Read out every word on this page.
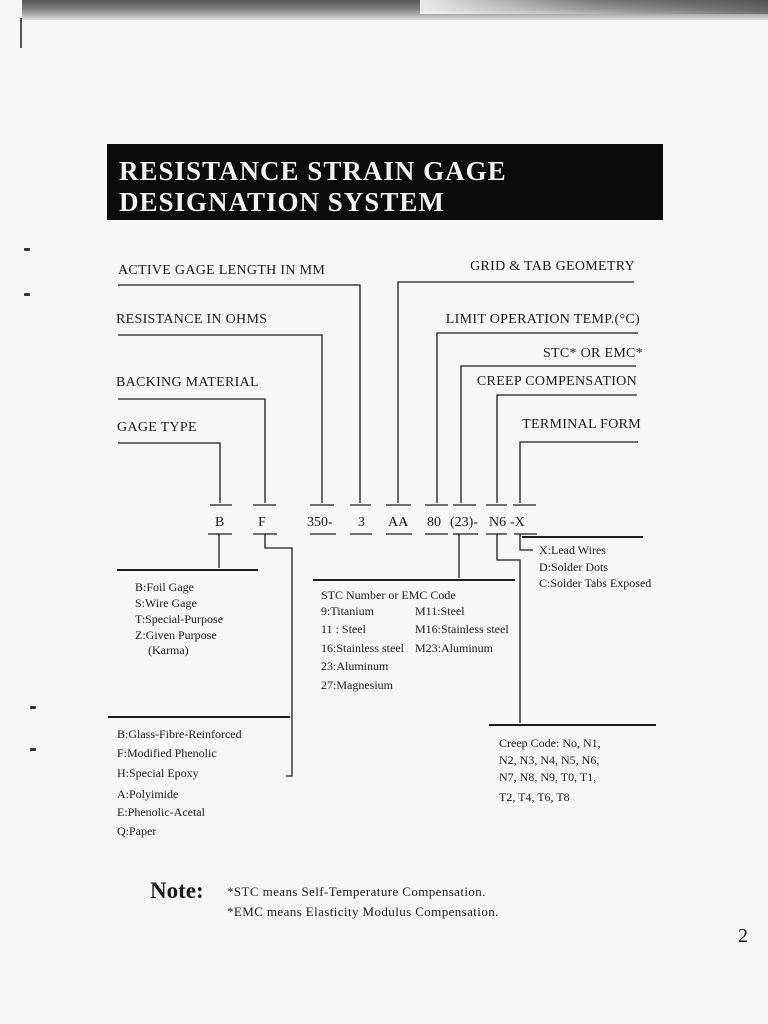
RESISTANCE STRAIN GAGE
DESIGNATION SYSTEM
ACTIVE GAGE LENGTH IN MM
RESISTANCE IN OHMS
BACKING MATERIAL
GAGE TYPE
GRID & TAB GEOMETRY
LIMIT OPERATION TEMP.(°C)
STC* OR EMC*
CREEP COMPENSATION
TERMINAL FORM
B F	350- 3 AA 80 (23)- N6 -X
B:Foil Gage
S:Wire Gage
T:Special-Purpose
Z:Given Purpose
(Karma)
B:Glass-Fibre-Reinforced
F:Modified Phenolic
H:Special Epoxy
A:Polyimide
E:Phenolic-Acetal
Q:Paper
STC Number or EMC Code
9:Titanium	M11:Steel
11 : Steel	M16:Stainless steel
16:Stainless steel M23:Aluminum
23:Aluminum
27:Magnesium
Creep Code: No, N1,
N2, N3, N4, N5, N6,
N7, N8, N9, T0, T1,
T2, T4, T6, T8
X:Lead Wires
D:Solder Dots
C:Solder Tabs Exposed
Note: *STC means Self-Temperature Compensation.
*EMC means Elasticity Modulus Compensation.
2
